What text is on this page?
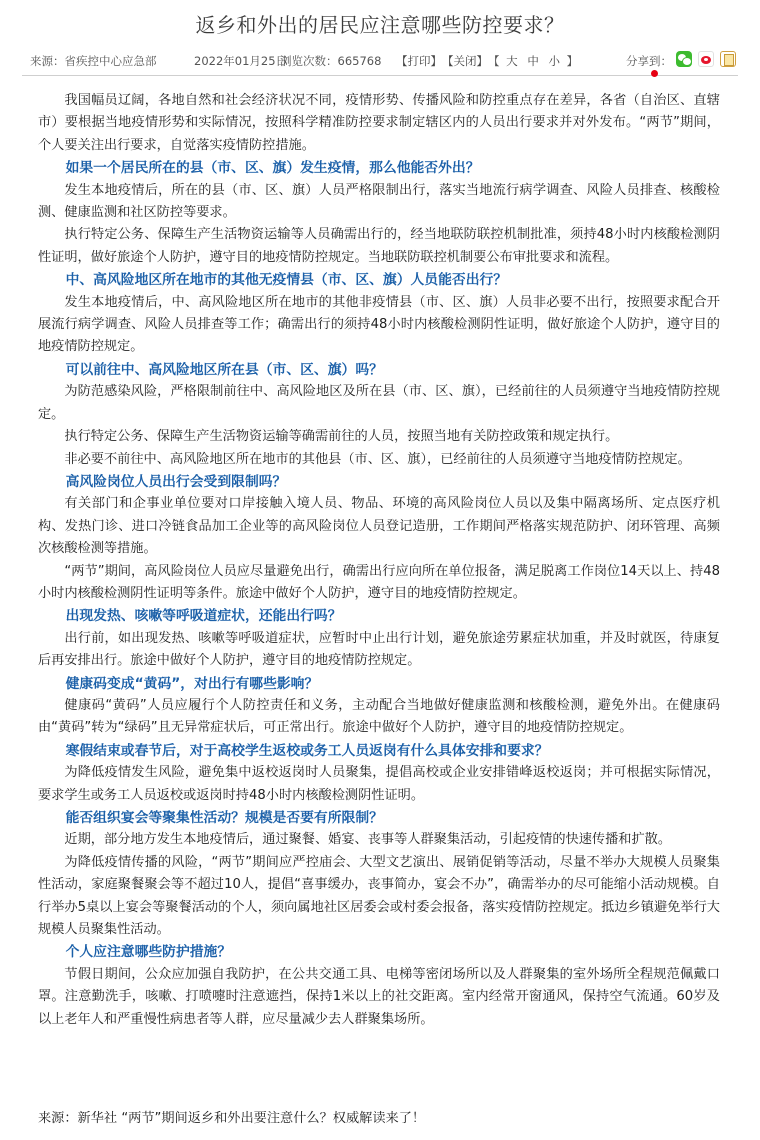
返乡和外出的居民应注意哪些防控要求？
来源：省疾控中心应急部	2022年01月25日
浏览次数：665768 【打印】 【关闭】 【 大 中 小 】	分享到：

我国幅员辽阔，各地自然和社会经济状况不同，疫情形势、传播风险和防控重点存在差异，各省（自治区、直辖市）要根据当地疫情形势和实际情况，按照科学精准防控要求制定辖区内的人员出行要求并对外发布。“两节”期间，个人要关注出行要求，自觉落实疫情防控措施。

如果一个居民所在的县（市、区、旗）发生疫情，那么他能否外出？

发生本地疫情后，所在的县（市、区、旗）人员严格限制出行，落实当地流行病学调查、风险人员排查、核酸检测、健康监测和社区防控等要求。

执行特定公务、保障生产生活物资运输等人员确需出行的，经当地联防联控机制批准，须持48小时内核酸检测阴性证明，做好旅途个人防护，遵守目的地疫情防控规定。当地联防联控机制要公布审批要求和流程。

中、高风险地区所在地市的其他无疫情县（市、区、旗）人员能否出行？

发生本地疫情后，中、高风险地区所在地市的其他非疫情县（市、区、旗）人员非必要不出行，按照要求配合开展流行病学调查、风险人员排查等工作；确需出行的须持48小时内核酸检测阴性证明，做好旅途个人防护，遵守目的地疫情防控规定。

可以前往中、高风险地区所在县（市、区、旗）吗？

为防范感染风险，严格限制前往中、高风险地区及所在县（市、区、旗），已经前往的人员须遵守当地疫情防控规定。

执行特定公务、保障生产生活物资运输等确需前往的人员，按照当地有关防控政策和规定执行。

非必要不前往中、高风险地区所在地市的其他县（市、区、旗），已经前往的人员须遵守当地疫情防控规定。

高风险岗位人员出行会受到限制吗？

有关部门和企事业单位要对口岸接触入境人员、物品、环境的高风险岗位人员以及集中隔离场所、定点医疗机构、发热门诊、进口冷链食品加工企业等的高风险岗位人员登记造册，工作期间严格落实规范防护、闭环管理、高频次核酸检测等措施。

“两节”期间，高风险岗位人员应尽量避免出行，确需出行应向所在单位报备，满足脱离工作岗位14天以上、持48小时内核酸检测阴性证明等条件。旅途中做好个人防护，遵守目的地疫情防控规定。

出现发热、咳嗽等呼吸道症状，还能出行吗？

出行前，如出现发热、咳嗽等呼吸道症状，应暂时中止出行计划，避免旅途劳累症状加重，并及时就医，待康复后再安排出行。旅途中做好个人防护，遵守目的地疫情防控规定。

健康码变成“黄码”，对出行有哪些影响？

健康码“黄码”人员应履行个人防控责任和义务，主动配合当地做好健康监测和核酸检测，避免外出。在健康码由“黄码”转为“绿码”且无异常症状后，可正常出行。旅途中做好个人防护，遵守目的地疫情防控规定。

寒假结束或春节后，对于高校学生返校或务工人员返岗有什么具体安排和要求？

为降低疫情发生风险，避免集中返校返岗时人员聚集，提倡高校或企业安排错峰返校返岗；并可根据实际情况，要求学生或务工人员返校或返岗时持48小时内核酸检测阴性证明。

能否组织宴会等聚集性活动？规模是否要有所限制？

近期，部分地方发生本地疫情后，通过聚餐、婚宴、丧事等人群聚集活动，引起疫情的快速传播和扩散。

为降低疫情传播的风险，“两节”期间应严控庙会、大型文艺演出、展销促销等活动，尽量不举办大规模人员聚集性活动，家庭聚餐聚会等不超过10人，提倡“喜事缓办，丧事简办，宴会不办”，确需举办的尽可能缩小活动规模。自行举办5桌以上宴会等聚餐活动的个人，须向属地社区居委会或村委会报备，落实疫情防控规定。抵边乡镇避免举行大规模人员聚集性活动。

个人应注意哪些防护措施？

节假日期间，公众应加强自我防护，在公共交通工具、电梯等密闭场所以及人群聚集的室外场所全程规范佩戴口罩。注意勤洗手，咳嗽、打喷嚏时注意遮挡，保持1米以上的社交距离。室内经常开窗通风，保持空气流通。60岁及以上老年人和严重慢性病患者等人群，应尽量减少去人群聚集场所。

来源：新华社 “两节”期间返乡和外出要注意什么？权威解读来了！
